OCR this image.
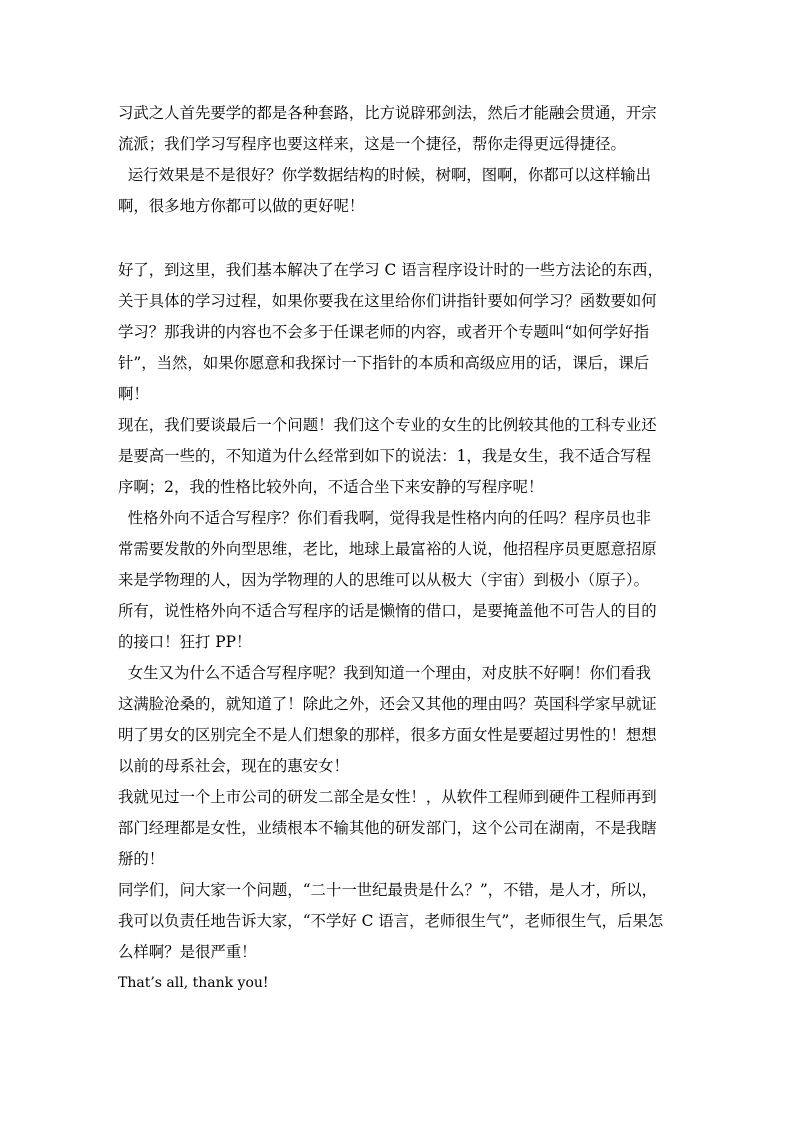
习武之人首先要学的都是各种套路，比方说辟邪剑法，然后才能融会贯通，开宗
流派；我们学习写程序也要这样来，这是一个捷径，帮你走得更远得捷径。
运行效果是不是很好？你学数据结构的时候，树啊，图啊，你都可以这样输出
啊，很多地方你都可以做的更好呢！
好了，到这里，我们基本解决了在学习 C 语言程序设计时的一些方法论的东西，
关于具体的学习过程，如果你要我在这里给你们讲指针要如何学习？函数要如何
学习？那我讲的内容也不会多于任课老师的内容，或者开个专题叫“如何学好指
针”，当然，如果你愿意和我探讨一下指针的本质和高级应用的话，课后，课后
啊！
现在，我们要谈最后一个问题！我们这个专业的女生的比例较其他的工科专业还
是要高一些的，不知道为什么经常到如下的说法：1，我是女生，我不适合写程
序啊；2，我的性格比较外向，不适合坐下来安静的写程序呢！
性格外向不适合写程序？你们看我啊，觉得我是性格内向的任吗？程序员也非
常需要发散的外向型思维，老比，地球上最富裕的人说，他招程序员更愿意招原
来是学物理的人，因为学物理的人的思维可以从极大（宇宙）到极小（原子）。
所有，说性格外向不适合写程序的话是懒惰的借口，是要掩盖他不可告人的目的
的接口！狂打 PP！
女生又为什么不适合写程序呢？我到知道一个理由，对皮肤不好啊！你们看我
这满脸沧桑的，就知道了！除此之外，还会又其他的理由吗？英国科学家早就证
明了男女的区别完全不是人们想象的那样，很多方面女性是要超过男性的！想想
以前的母系社会，现在的惠安女！
我就见过一个上市公司的研发二部全是女性！，从软件工程师到硬件工程师再到
部门经理都是女性，业绩根本不输其他的研发部门，这个公司在湖南，不是我瞎
掰的！
同学们，问大家一个问题，“二十一世纪最贵是什么？”，不错，是人才，所以，
我可以负责任地告诉大家，“不学好 C 语言，老师很生气”，老师很生气，后果怎
么样啊？是很严重！
That’s all, thank you!
